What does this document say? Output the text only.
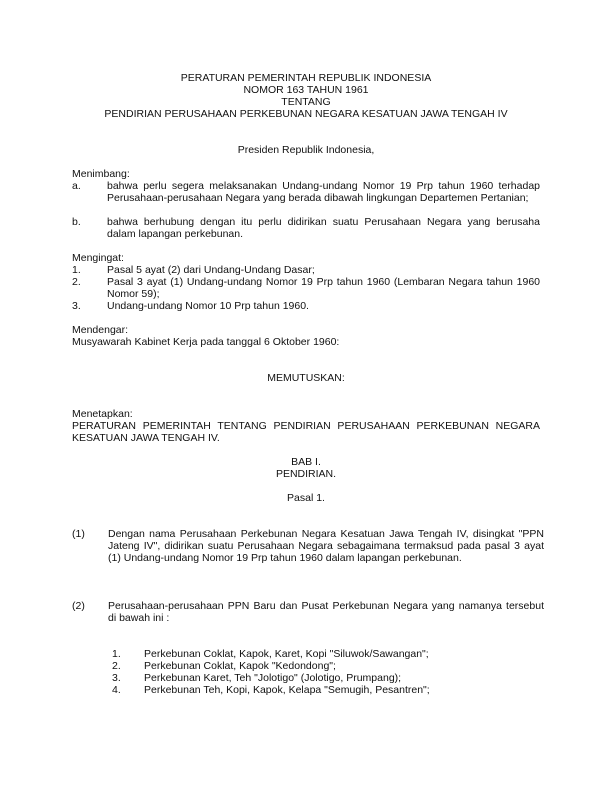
PERATURAN PEMERINTAH REPUBLIK INDONESIA
NOMOR 163 TAHUN 1961
TENTANG
PENDIRIAN PERUSAHAAN PERKEBUNAN NEGARA KESATUAN JAWA TENGAH IV
Presiden Republik Indonesia,
Menimbang:
a. bahwa perlu segera melaksanakan Undang-undang Nomor 19 Prp tahun 1960 terhadap Perusahaan-perusahaan Negara yang berada dibawah lingkungan Departemen Pertanian;
b. bahwa berhubung dengan itu perlu didirikan suatu Perusahaan Negara yang berusaha dalam lapangan perkebunan.
Mengingat:
1. Pasal 5 ayat (2) dari Undang-Undang Dasar;
2. Pasal 3 ayat (1) Undang-undang Nomor 19 Prp tahun 1960 (Lembaran Negara tahun 1960 Nomor 59);
3. Undang-undang Nomor 10 Prp tahun 1960.
Mendengar:
Musyawarah Kabinet Kerja pada tanggal 6 Oktober 1960:
MEMUTUSKAN:
Menetapkan:
PERATURAN PEMERINTAH TENTANG PENDIRIAN PERUSAHAAN PERKEBUNAN NEGARA KESATUAN JAWA TENGAH IV.
BAB I.
PENDIRIAN.
Pasal 1.
(1) Dengan nama Perusahaan Perkebunan Negara Kesatuan Jawa Tengah IV, disingkat "PPN Jateng IV", didirikan suatu Perusahaan Negara sebagaimana termaksud pada pasal 3 ayat (1) Undang-undang Nomor 19 Prp tahun 1960 dalam lapangan perkebunan.
(2) Perusahaan-perusahaan PPN Baru dan Pusat Perkebunan Negara yang namanya tersebut di bawah ini :
1. Perkebunan Coklat, Kapok, Karet, Kopi "Siluwok/Sawangan";
2. Perkebunan Coklat, Kapok "Kedondong";
3. Perkebunan Karet, Teh "Jolotigo" (Jolotigo, Prumpang);
4. Perkebunan Teh, Kopi, Kapok, Kelapa "Semugih, Pesantren";
